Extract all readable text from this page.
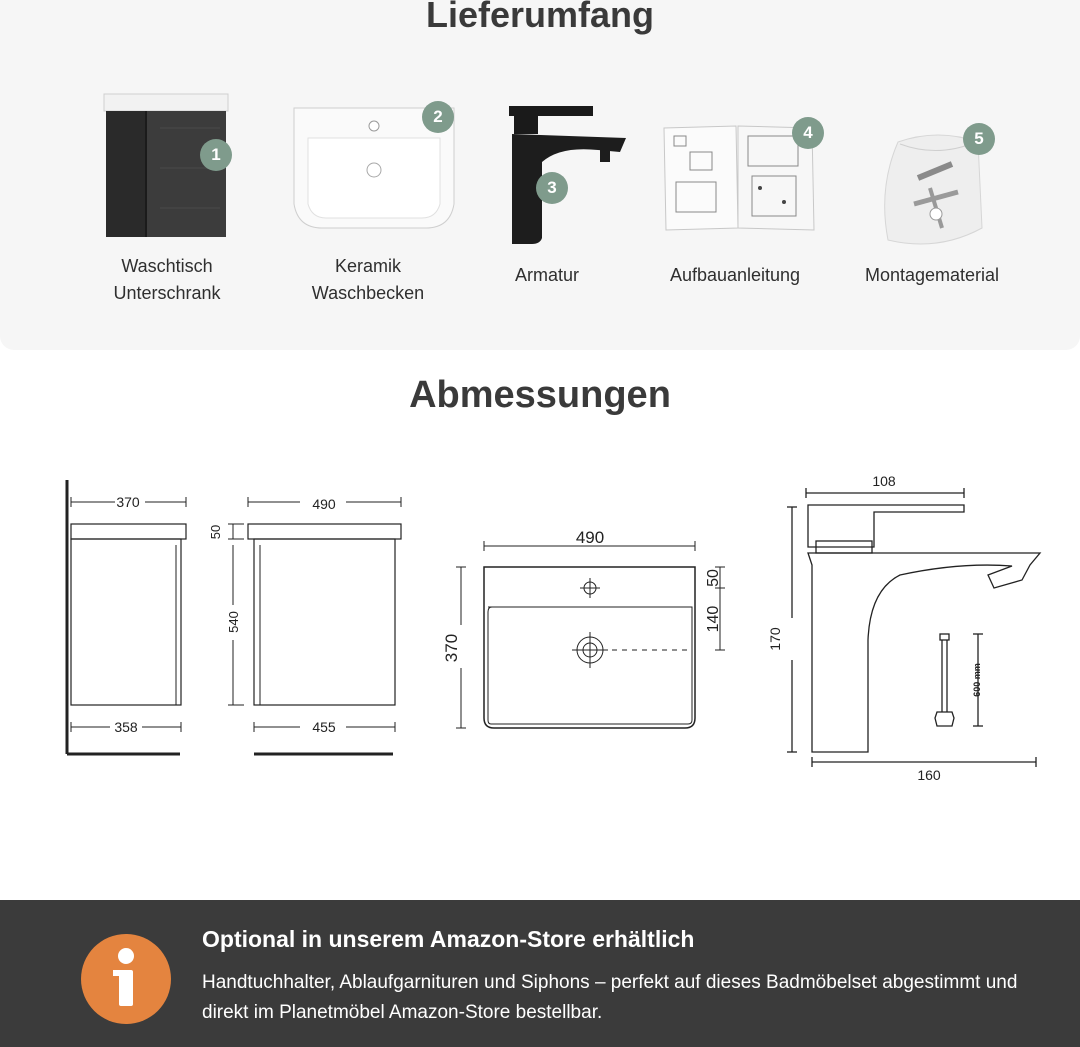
Lieferumfang
1
Waschtisch
Unterschrank
2
Keramik
Waschbecken
3
Armatur
4
Aufbauanleitung
5
Montagematerial
Abmessungen
370
358
490
50
540
455
490
370
50
140
108
170
160
600 mm
Optional in unserem Amazon-Store erhältlich
Handtuchhalter, Ablaufgarnituren und Siphons – perfekt auf dieses Badmöbelset abgestimmt und direkt im Planetmöbel Amazon-Store bestellbar.
